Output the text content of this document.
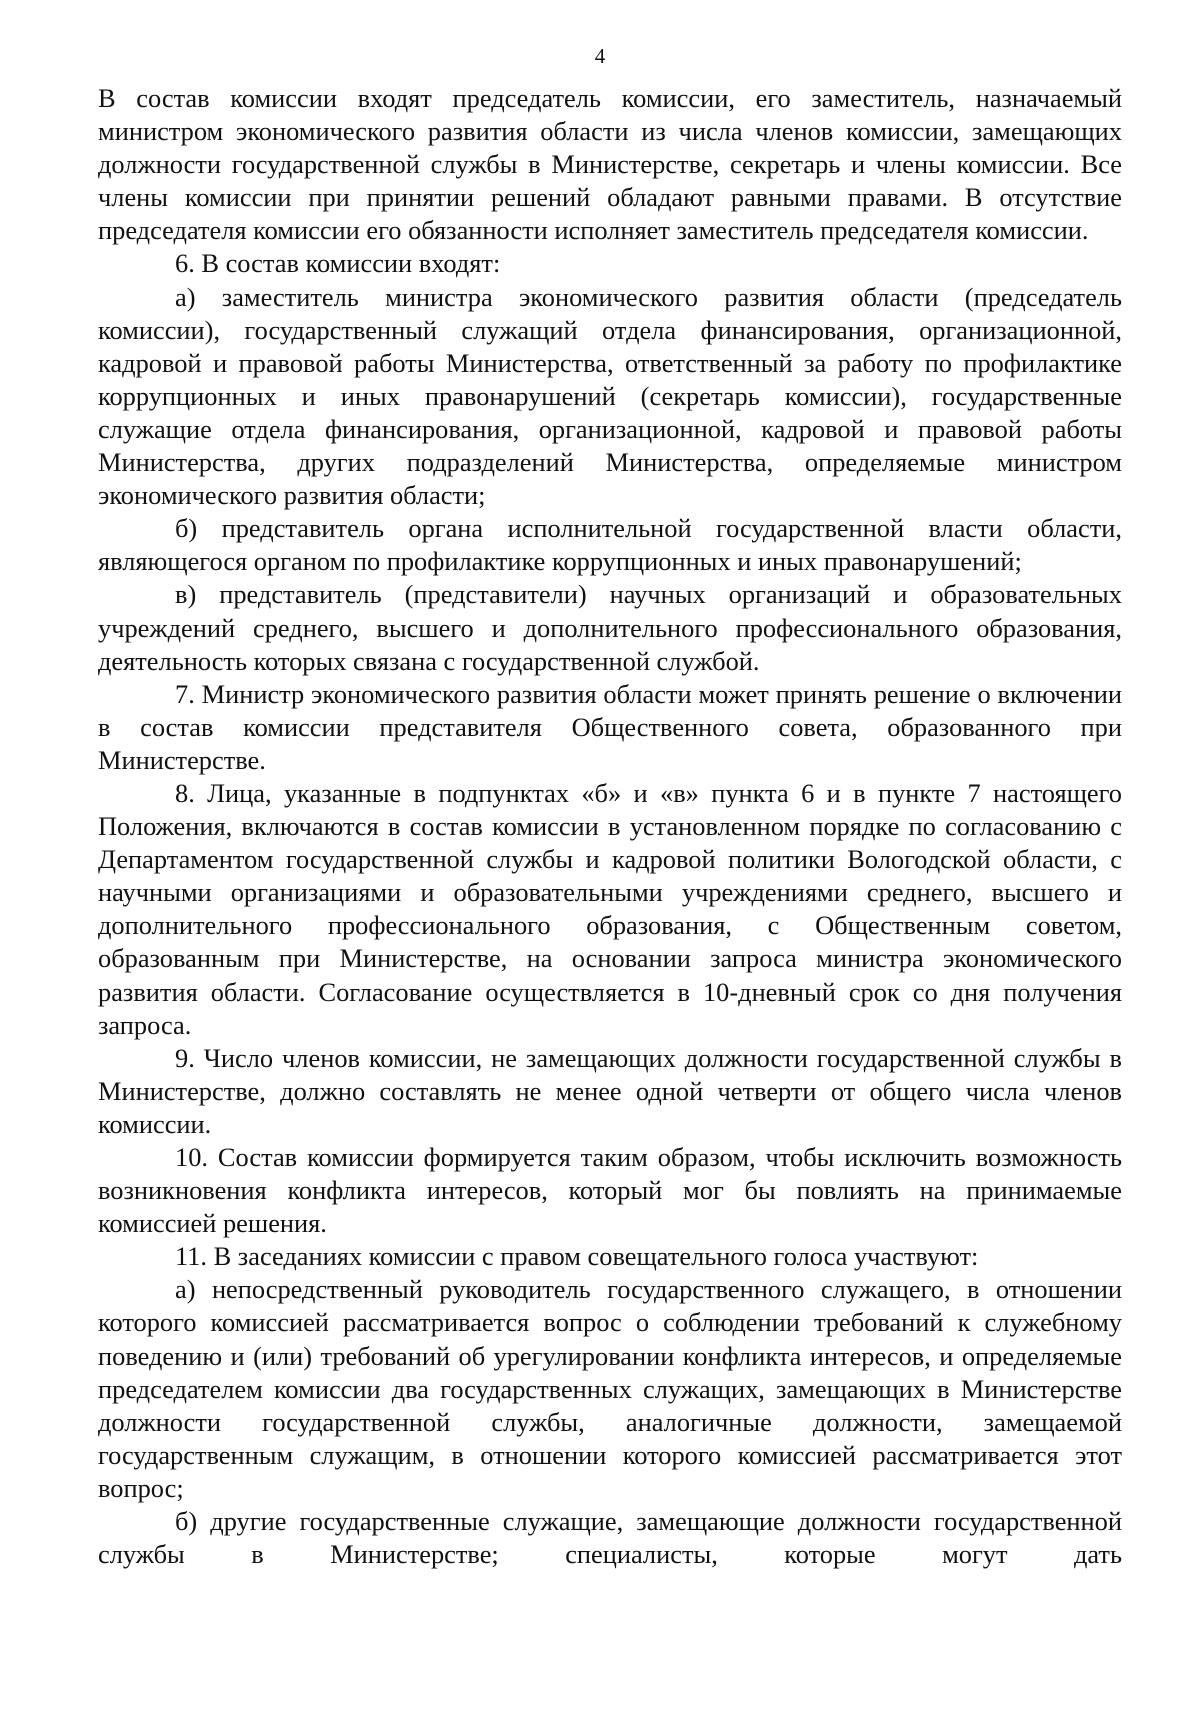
4

В состав комиссии входят председатель комиссии, его заместитель, назначаемый министром экономического развития области из числа членов комиссии, замещающих должности государственной службы в Министерстве, секретарь и члены комиссии. Все члены комиссии при принятии решений обладают равными правами. В отсутствие председателя комиссии его обязанности исполняет заместитель председателя комиссии.

6. В состав комиссии входят:

а) заместитель министра экономического развития области (председатель комиссии), государственный служащий отдела финансирования, организационной, кадровой и правовой работы Министерства, ответственный за работу по профилактике коррупционных и иных правонарушений (секретарь комиссии), государственные служащие отдела финансирования, организационной, кадровой и правовой работы Министерства, других подразделений Министерства, определяемые министром экономического развития области;

б) представитель органа исполнительной государственной власти области, являющегося органом по профилактике коррупционных и иных правонарушений;

в) представитель (представители) научных организаций и образовательных учреждений среднего, высшего и дополнительного профессионального образования, деятельность которых связана с государственной службой.

7. Министр экономического развития области может принять решение о включении в состав комиссии представителя Общественного совета, образованного при Министерстве.

8. Лица, указанные в подпунктах «б» и «в» пункта 6 и в пункте 7 настоящего Положения, включаются в состав комиссии в установленном порядке по согласованию с Департаментом государственной службы и кадровой политики Вологодской области, с научными организациями и образовательными учреждениями среднего, высшего и дополнительного профессионального образования, с Общественным советом, образованным при Министерстве, на основании запроса министра экономического развития области. Согласование осуществляется в 10-дневный срок со дня получения запроса.

9. Число членов комиссии, не замещающих должности государственной службы в Министерстве, должно составлять не менее одной четверти от общего числа членов комиссии.

10. Состав комиссии формируется таким образом, чтобы исключить возможность возникновения конфликта интересов, который мог бы повлиять на принимаемые комиссией решения.

11. В заседаниях комиссии с правом совещательного голоса участвуют:

а) непосредственный руководитель государственного служащего, в отношении которого комиссией рассматривается вопрос о соблюдении требований к служебному поведению и (или) требований об урегулировании конфликта интересов, и определяемые председателем комиссии два государственных служащих, замещающих в Министерстве должности государственной службы, аналогичные должности, замещаемой государственным служащим, в отношении которого комиссией рассматривается этот вопрос;

б) другие государственные служащие, замещающие должности государственной службы в Министерстве; специалисты, которые могут дать
